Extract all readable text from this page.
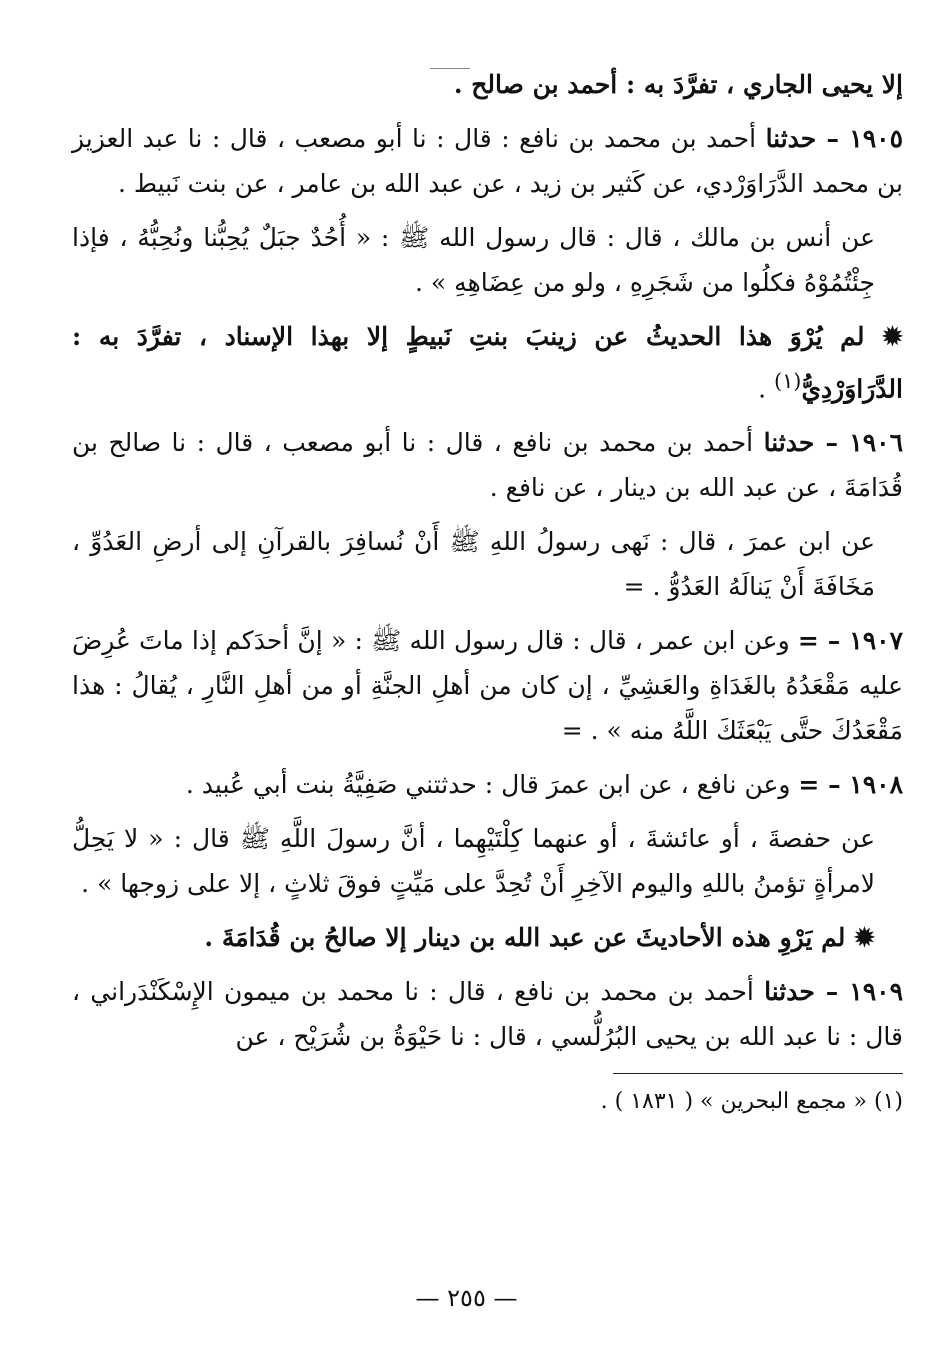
إلا يحيى الجاري ، تفرَّدَ به : أحمد بن صالح .

١٩٠٥ – حدثنا أحمد بن محمد بن نافع : قال : نا أبو مصعب ، قال : نا عبد العزيز بن محمد الدَّرَاوَرْدي، عن كَثير بن زيد ، عن عبد الله بن عامر ، عن بنت نَبيط .

عن أنس بن مالك ، قال : قال رسول الله ﷺ : « أُحُدٌ جبَلٌ يُحِبُّنا ونُحِبُّهُ ، فإذا جِئْتُمُوْهُ فكلُوا من شَجَرِهِ ، ولو من عِضَاهِهِ » .

✹ لم يُرْوَ هذا الحديثُ عن زينبَ بنتِ نَبيطٍ إلا بهذا الإسناد ، تفرَّدَ به : الدَّرَاوَرْدِيُّ$^{(١)}$ .

١٩٠٦ – حدثنا أحمد بن محمد بن نافع ، قال : نا أبو مصعب ، قال : نا صالح بن قُدَامَةَ ، عن عبد الله بن دينار ، عن نافع .

عن ابن عمرَ ، قال : نَهى رسولُ اللهِ ﷺ أَنْ نُسافِرَ بالقرآنِ إلى أرضِ العَدُوِّ ، مَخَافَةَ أَنْ يَنالَهُ العَدُوُّ . =

١٩٠٧ – = وعن ابن عمر ، قال : قال رسول الله ﷺ : « إنَّ أحدَكم إذا ماتَ عُرِضَ عليه مَقْعَدُهُ بالغَدَاةِ والعَشِيِّ ، إن كان من أهلِ الجنَّةِ أو من أهلِ النَّارِ ، يُقالُ : هذا مَقْعَدُكَ حتَّى يَبْعَثَكَ اللَّهُ منه » . =

١٩٠٨ – = وعن نافع ، عن ابن عمرَ قال : حدثتني صَفِيَّةُ بنت أبي عُبيد .

عن حفصةَ ، أو عائشةَ ، أو عنهما كِلْتَيْهِما ، أنَّ رسولَ اللَّهِ ﷺ قال : « لا يَحِلُّ لامرأةٍ تؤمنُ باللهِ واليوم الآخِرِ أَنْ تُحِدَّ على مَيِّتٍ فوقَ ثلاثٍ ، إلا على زوجها » .

✹ لم يَرْوِ هذه الأحاديثَ عن عبد الله بن دينار إلا صالحُ بن قُدَامَةَ .

١٩٠٩ – حدثنا أحمد بن محمد بن نافع ، قال : نا محمد بن ميمون الإِسْكَنْدَراني ، قال : نا عبد الله بن يحيى البُرُلُّسي ، قال : نا حَيْوَةُ بن شُرَيْح ، عن

(١) « مجمع البحرين » ( ١٨٣١ ) .
— ٢٥٥ —
